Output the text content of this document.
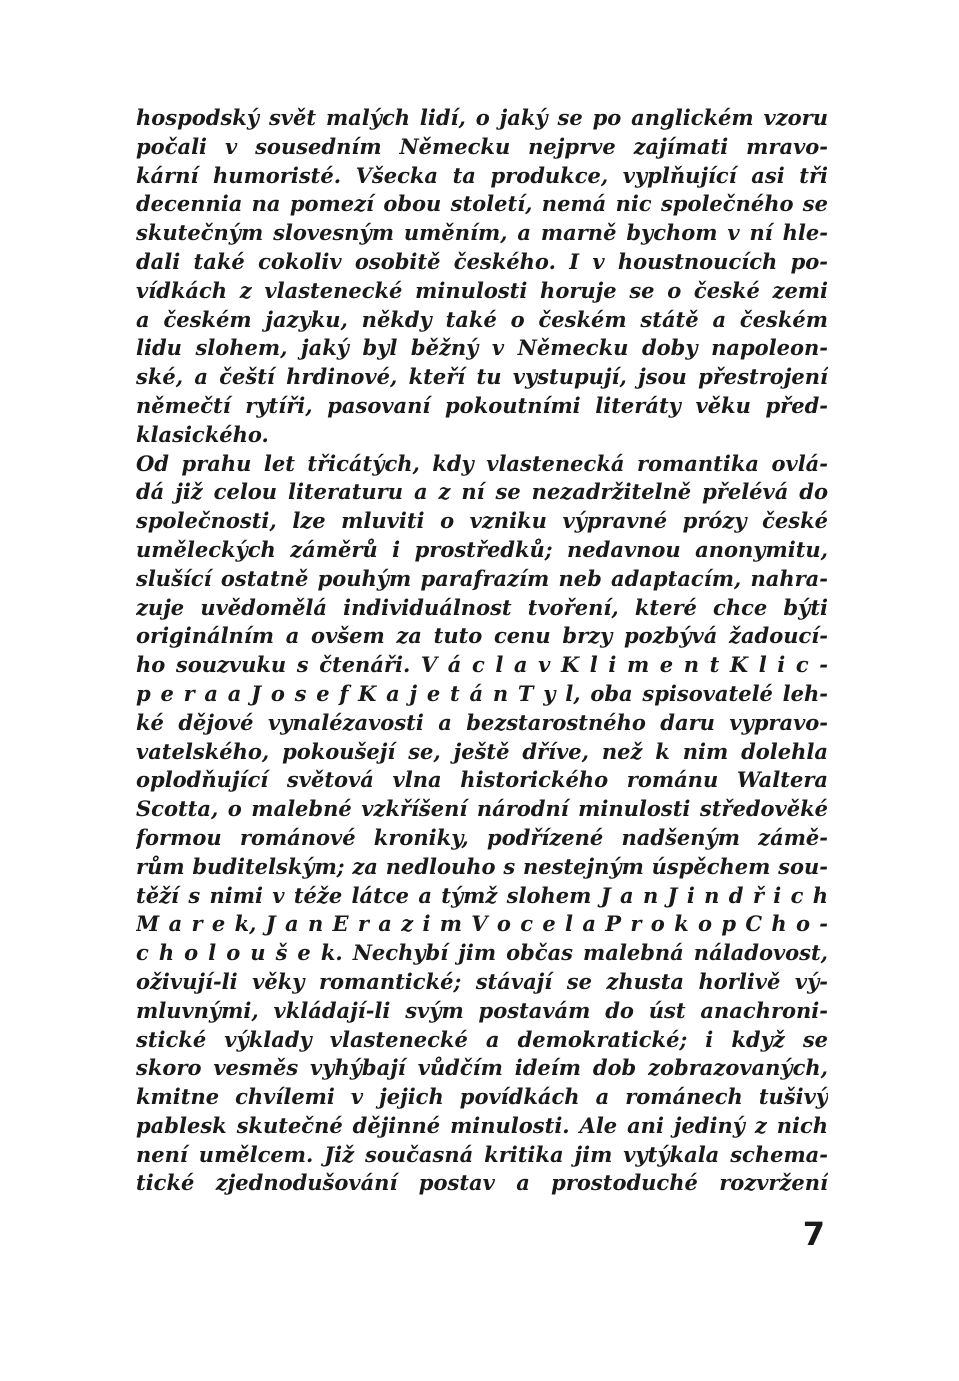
hospodský svět malých lidí, o jaký se po anglickém vzoru
počali v sousedním Německu nejprve zajímati mravo-
kární humoristé. Všecka ta produkce, vyplňující asi tři
decennia na pomezí obou století, nemá nic společného se
skutečným slovesným uměním, a marně bychom v ní hle-
dali také cokoliv osobitě českého. I v houstnoucích po-
vídkách z vlastenecké minulosti horuje se o české zemi
a českém jazyku, někdy také o českém státě a českém
lidu slohem, jaký byl běžný v Německu doby napoleon-
ské, a čeští hrdinové, kteří tu vystupují, jsou přestrojení
němečtí rytíři, pasovaní pokoutními literáty věku před-
klasického.
Od prahu let třicátých, kdy vlastenecká romantika ovlá-
dá již celou literaturu a z ní se nezadržitelně přelévá do
společnosti, lze mluviti o vzniku výpravné prózy české
uměleckých záměrů i prostředků; nedavnou anonymitu,
slušící ostatně pouhým parafrazím neb adaptacím, nahra-
zuje uvědomělá individuálnost tvoření, které chce býti
originálním a ovšem za tuto cenu brzy pozbývá žadoucí-
ho souzvuku s čtenáři. V á c l a v K l i m e n t K l i c -
p e r a a J o s e f K a j e t á n T y l, oba spisovatelé leh-
ké dějové vynalézavosti a bezstarostného daru vypravo-
vatelského, pokoušejí se, ještě dříve, než k nim dolehla
oplodňující světová vlna historického románu Waltera
Scotta, o malebné vzkříšení národní minulosti středověké
formou románové kroniky, podřízené nadšeným zámě-
rům buditelským; za nedlouho s nestejným úspěchem sou-
těží s nimi v téže látce a týmž slohem J a n J i n d ř i c h
M a r e k, J a n E r a z i m V o c e l a P r o k o p C h o -
c h o l o u š e k. Nechybí jim občas malebná náladovost,
oživují-li věky romantické; stávají se zhusta horlivě vý-
mluvnými, vkládají-li svým postavám do úst anachroni-
stické výklady vlastenecké a demokratické; i když se
skoro vesměs vyhýbají vůdčím ideím dob zobrazovaných,
kmitne chvílemi v jejich povídkách a románech tušivý
pablesk skutečné dějinné minulosti. Ale ani jediný z nich
není umělcem. Již současná kritika jim vytýkala schema-
tické zjednodušování postav a prostoduché rozvržení
7
